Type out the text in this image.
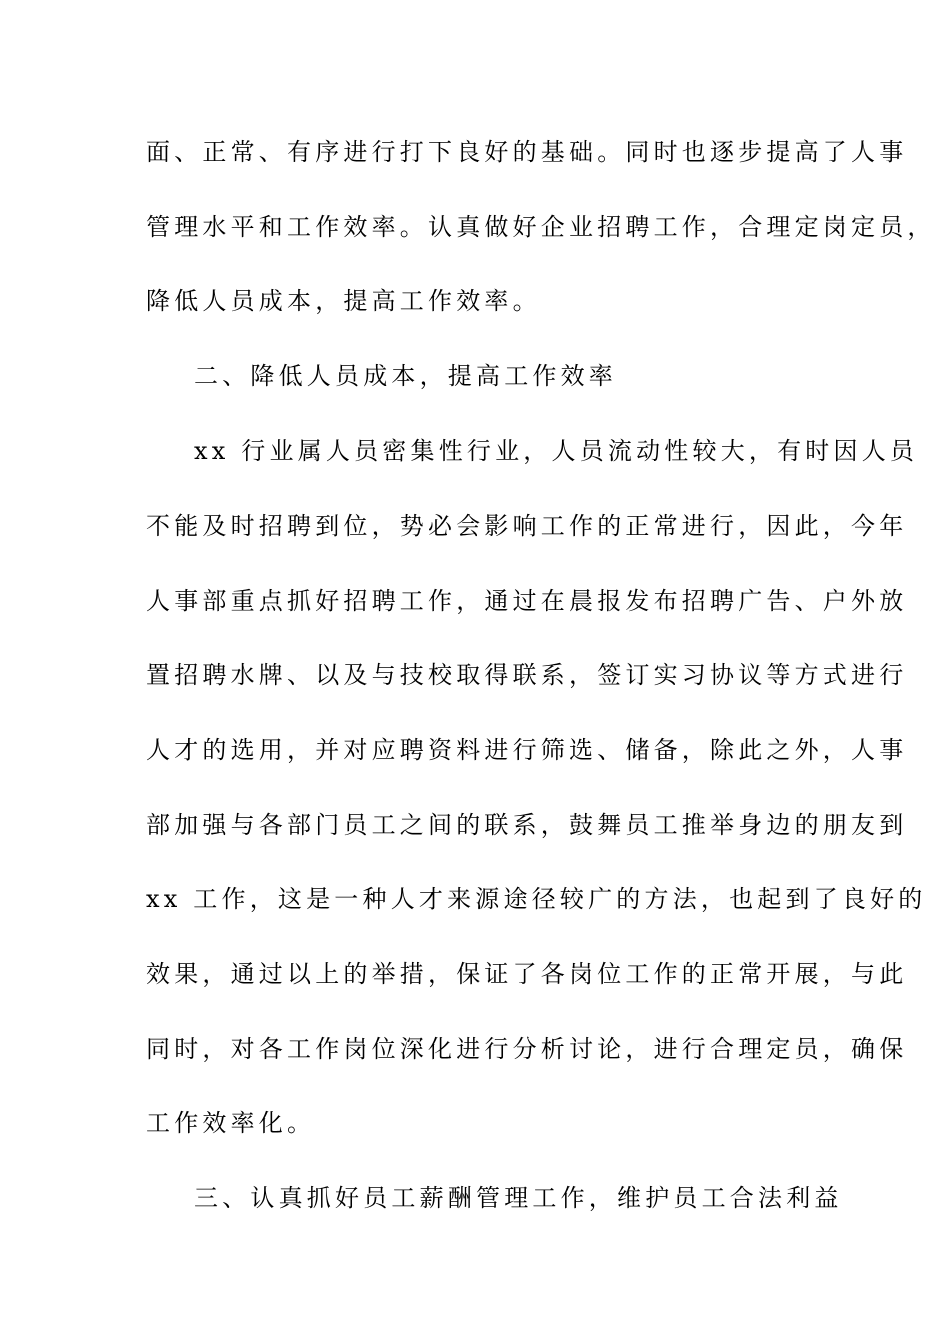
面、正常、有序进行打下良好的基础。同时也逐步提高了人事
管理水平和工作效率。认真做好企业招聘工作，合理定岗定员，
降低人员成本，提高工作效率。
二、降低人员成本，提高工作效率
xx 行业属人员密集性行业，人员流动性较大，有时因人员
不能及时招聘到位，势必会影响工作的正常进行，因此，今年
人事部重点抓好招聘工作，通过在晨报发布招聘广告、户外放
置招聘水牌、以及与技校取得联系，签订实习协议等方式进行
人才的选用，并对应聘资料进行筛选、储备，除此之外，人事
部加强与各部门员工之间的联系，鼓舞员工推举身边的朋友到
xx 工作，这是一种人才来源途径较广的方法，也起到了良好的
效果，通过以上的举措，保证了各岗位工作的正常开展，与此
同时，对各工作岗位深化进行分析讨论，进行合理定员，确保
工作效率化。
三、认真抓好员工薪酬管理工作，维护员工合法利益
